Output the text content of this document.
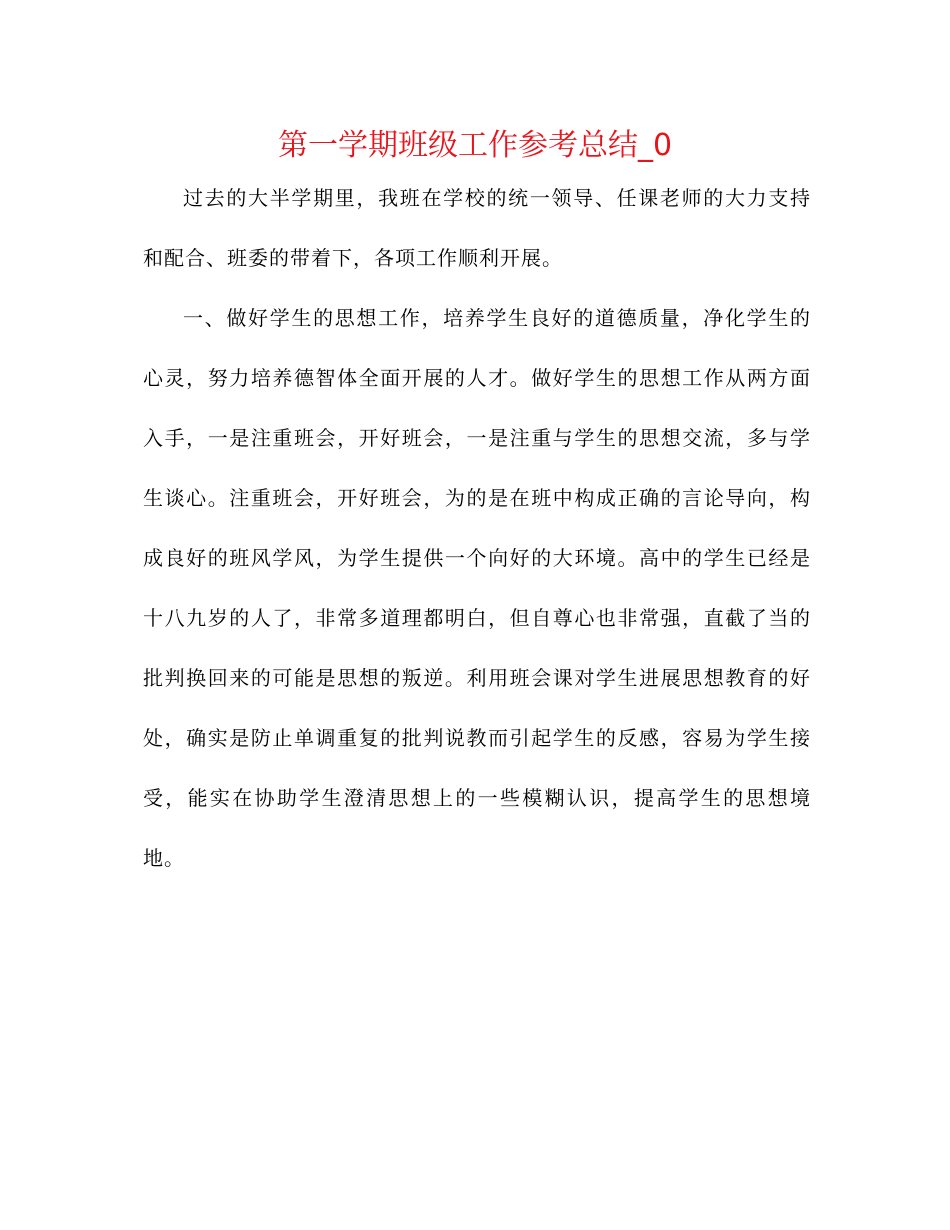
第一学期班级工作参考总结_0

过去的大半学期里，我班在学校的统一领导、任课老师的大力支持和配合、班委的带着下，各项工作顺利开展。

一、做好学生的思想工作，培养学生良好的道德质量，净化学生的心灵，努力培养德智体全面开展的人才。做好学生的思想工作从两方面入手，一是注重班会，开好班会，一是注重与学生的思想交流，多与学生谈心。注重班会，开好班会，为的是在班中构成正确的言论导向，构成良好的班风学风，为学生提供一个向好的大环境。高中的学生已经是十八九岁的人了，非常多道理都明白，但自尊心也非常强，直截了当的批判换回来的可能是思想的叛逆。利用班会课对学生进展思想教育的好处，确实是防止单调重复的批判说教而引起学生的反感，容易为学生接受，能实在协助学生澄清思想上的一些模糊认识，提高学生的思想境地。
